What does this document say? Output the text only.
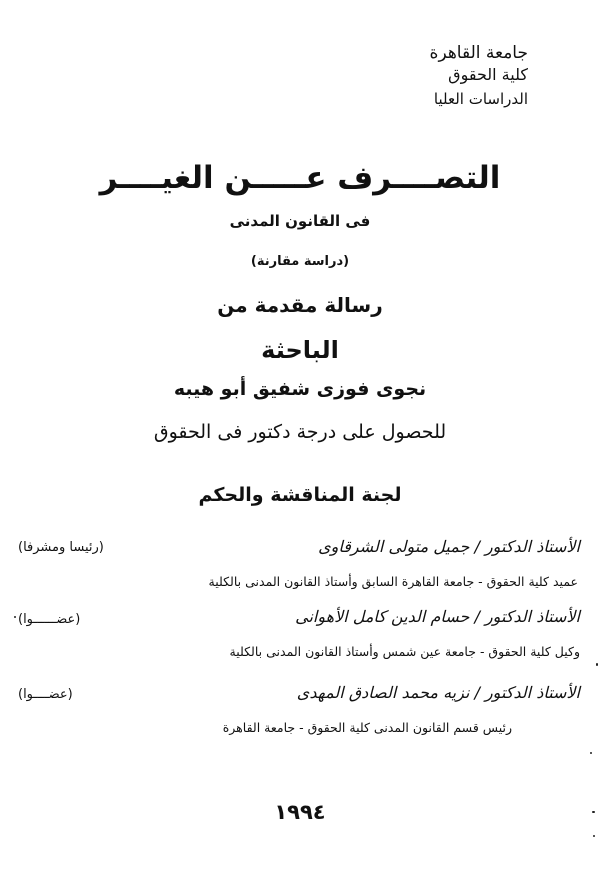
جامعة القاهرة
كلية الحقوق
الدراسات العليا
التصــــرف عـــــن الغيــــر
فى القانون المدنى
(دراسة مقارنة)
رسالة مقدمة من
الباحثة
نجوى فوزى شفيق أبو هيبه
للحصول على درجة دكتور فى الحقوق
لجنة المناقشة والحكم
الأستاذ الدكتور / جميل متولى الشرقاوى
(رئيسا ومشرفا)
عميد كلية الحقوق - جامعة القاهرة السابق وأستاذ القانون المدنى بالكلية
الأستاذ الدكتور / حسام الدين كامل الأهوانى
(عضــــــوا)
وكيل كلية الحقوق - جامعة عين شمس وأستاذ القانون المدنى بالكلية
الأستاذ الدكتور / نزيه محمد الصادق المهدى
(عضــــوا)
رئيس قسم القانون المدنى كلية الحقوق - جامعة القاهرة
١٩٩٤
